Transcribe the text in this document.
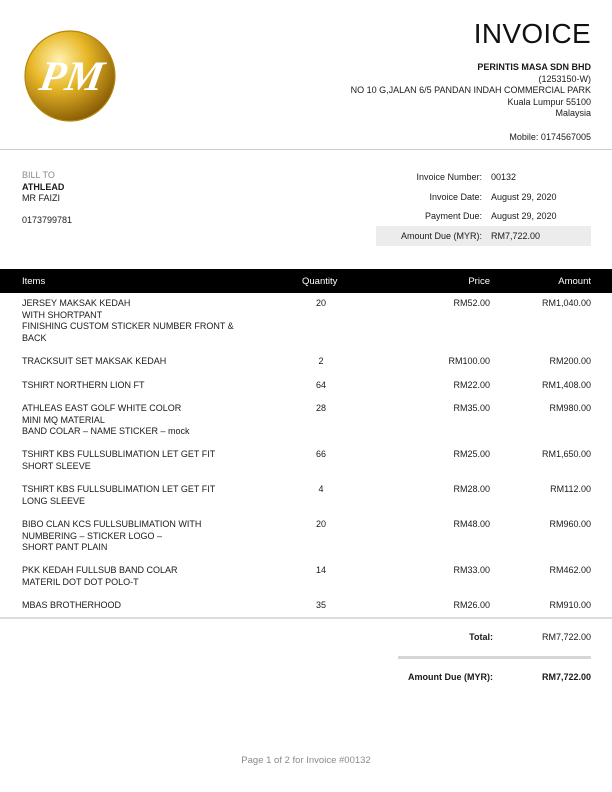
PM
INVOICE
PERINTIS MASA SDN BHD
(1253150-W)
NO 10 G,JALAN 6/5 PANDAN INDAH COMMERCIAL PARK
Kuala Lumpur 55100
Malaysia
Mobile: 0174567005
BILL TO
ATHLEAD
MR FAIZI
0173799781
Invoice Number: 00132
Invoice Date: August 29, 2020
Payment Due: August 29, 2020
Amount Due (MYR): RM7,722.00
Items	Quantity	Price	Amount
JERSEY MAKSAK KEDAH
WITH SHORTPANT
FINISHING CUSTOM STICKER NUMBER FRONT &
BACK
20	RM52.00	RM1,040.00
TRACKSUIT SET MAKSAK KEDAH	2	RM100.00	RM200.00
TSHIRT NORTHERN LION FT	64	RM22.00	RM1,408.00
ATHLEAS EAST GOLF WHITE COLOR
MINI MQ MATERIAL
BAND COLAR – NAME STICKER – mock
28	RM35.00	RM980.00
TSHIRT KBS FULLSUBLIMATION LET GET FIT
SHORT SLEEVE
66	RM25.00	RM1,650.00
TSHIRT KBS FULLSUBLIMATION LET GET FIT
LONG SLEEVE
4	RM28.00	RM112.00
BIBO CLAN KCS FULLSUBLIMATION WITH
NUMBERING – STICKER LOGO –
SHORT PANT PLAIN
20	RM48.00	RM960.00
PKK KEDAH FULLSUB BAND COLAR
MATERIL DOT DOT POLO-T
14	RM33.00	RM462.00
MBAS BROTHERHOOD	35	RM26.00	RM910.00
Total:	RM7,722.00
Amount Due (MYR):	RM7,722.00
Page 1 of 2 for Invoice #00132
